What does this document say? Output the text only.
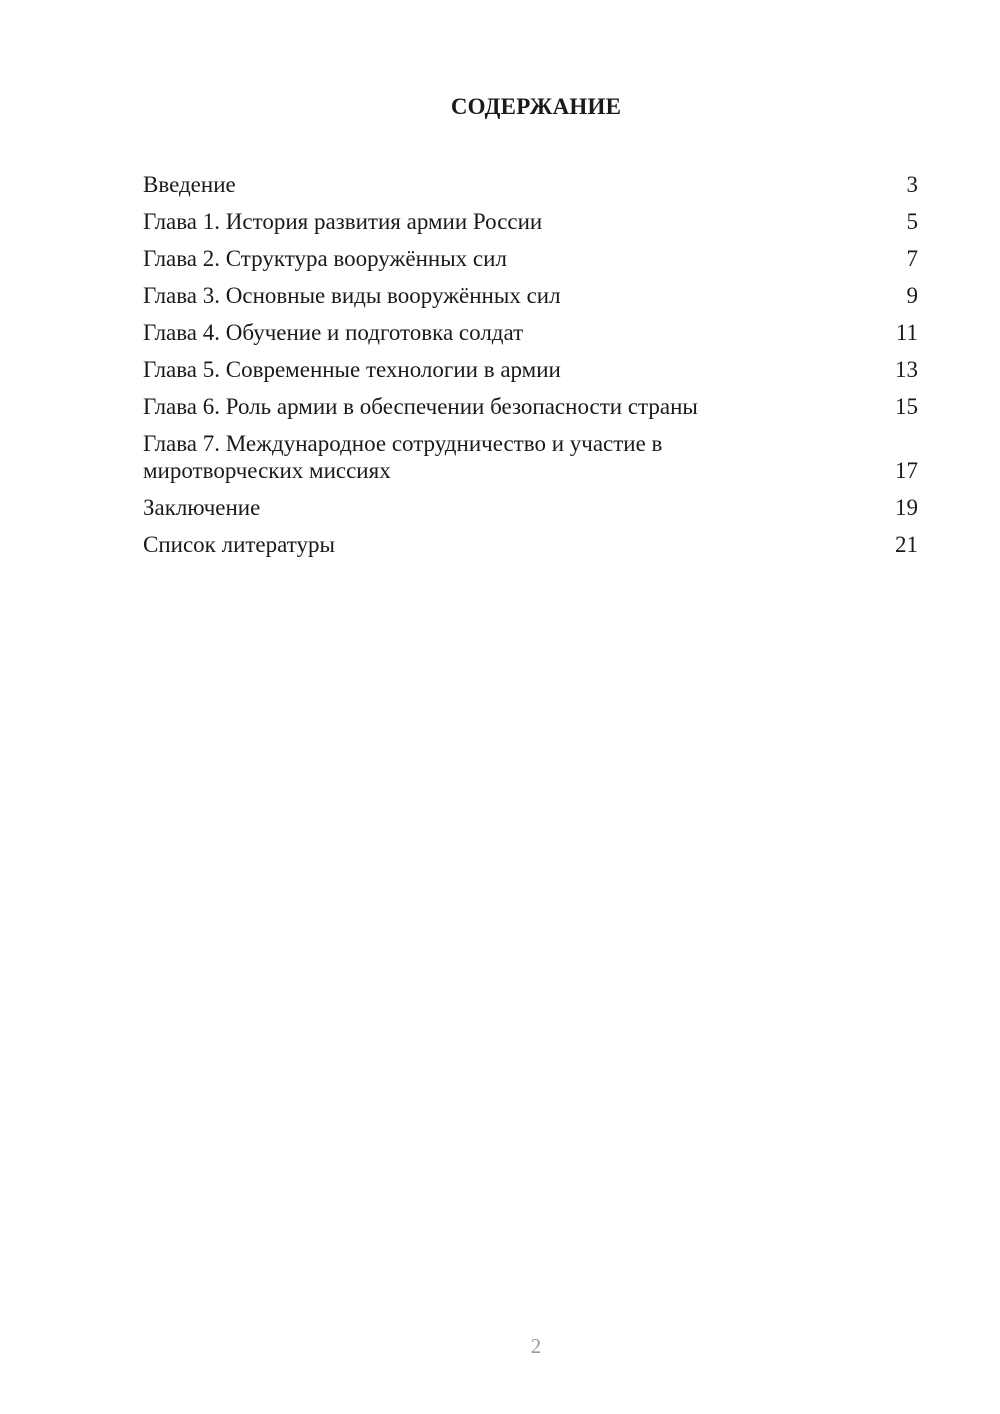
СОДЕРЖАНИЕ
Введение	3
Глава 1. История развития армии России	5
Глава 2. Структура вооружённых сил	7
Глава 3. Основные виды вооружённых сил	9
Глава 4. Обучение и подготовка солдат	11
Глава 5. Современные технологии в армии	13
Глава 6. Роль армии в обеспечении безопасности страны	15
Глава 7. Международное сотрудничество и участие в миротворческих миссиях	17
Заключение	19
Список литературы	21
2
